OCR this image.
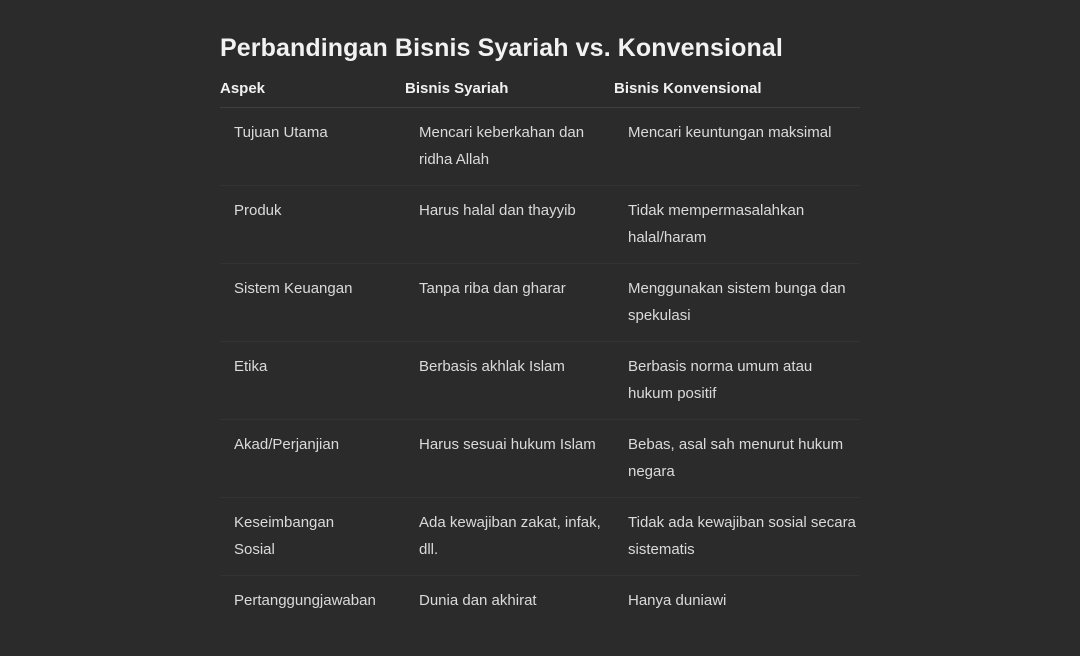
Perbandingan Bisnis Syariah vs. Konvensional
Aspek	Bisnis Syariah	Bisnis Konvensional

Tujuan Utama	Mencari keberkahan dan ridha Allah	Mencari keuntungan maksimal

Produk	Harus halal dan thayyib	Tidak mempermasalahkan halal/haram

Sistem Keuangan	Tanpa riba dan gharar	Menggunakan sistem bunga dan spekulasi

Etika	Berbasis akhlak Islam	Berbasis norma umum atau hukum positif

Akad/Perjanjian	Harus sesuai hukum Islam	Bebas, asal sah menurut hukum negara

Keseimbangan Sosial	Ada kewajiban zakat, infak, dll.	Tidak ada kewajiban sosial secara sistematis

Pertanggungjawaban	Dunia dan akhirat	Hanya duniawi
